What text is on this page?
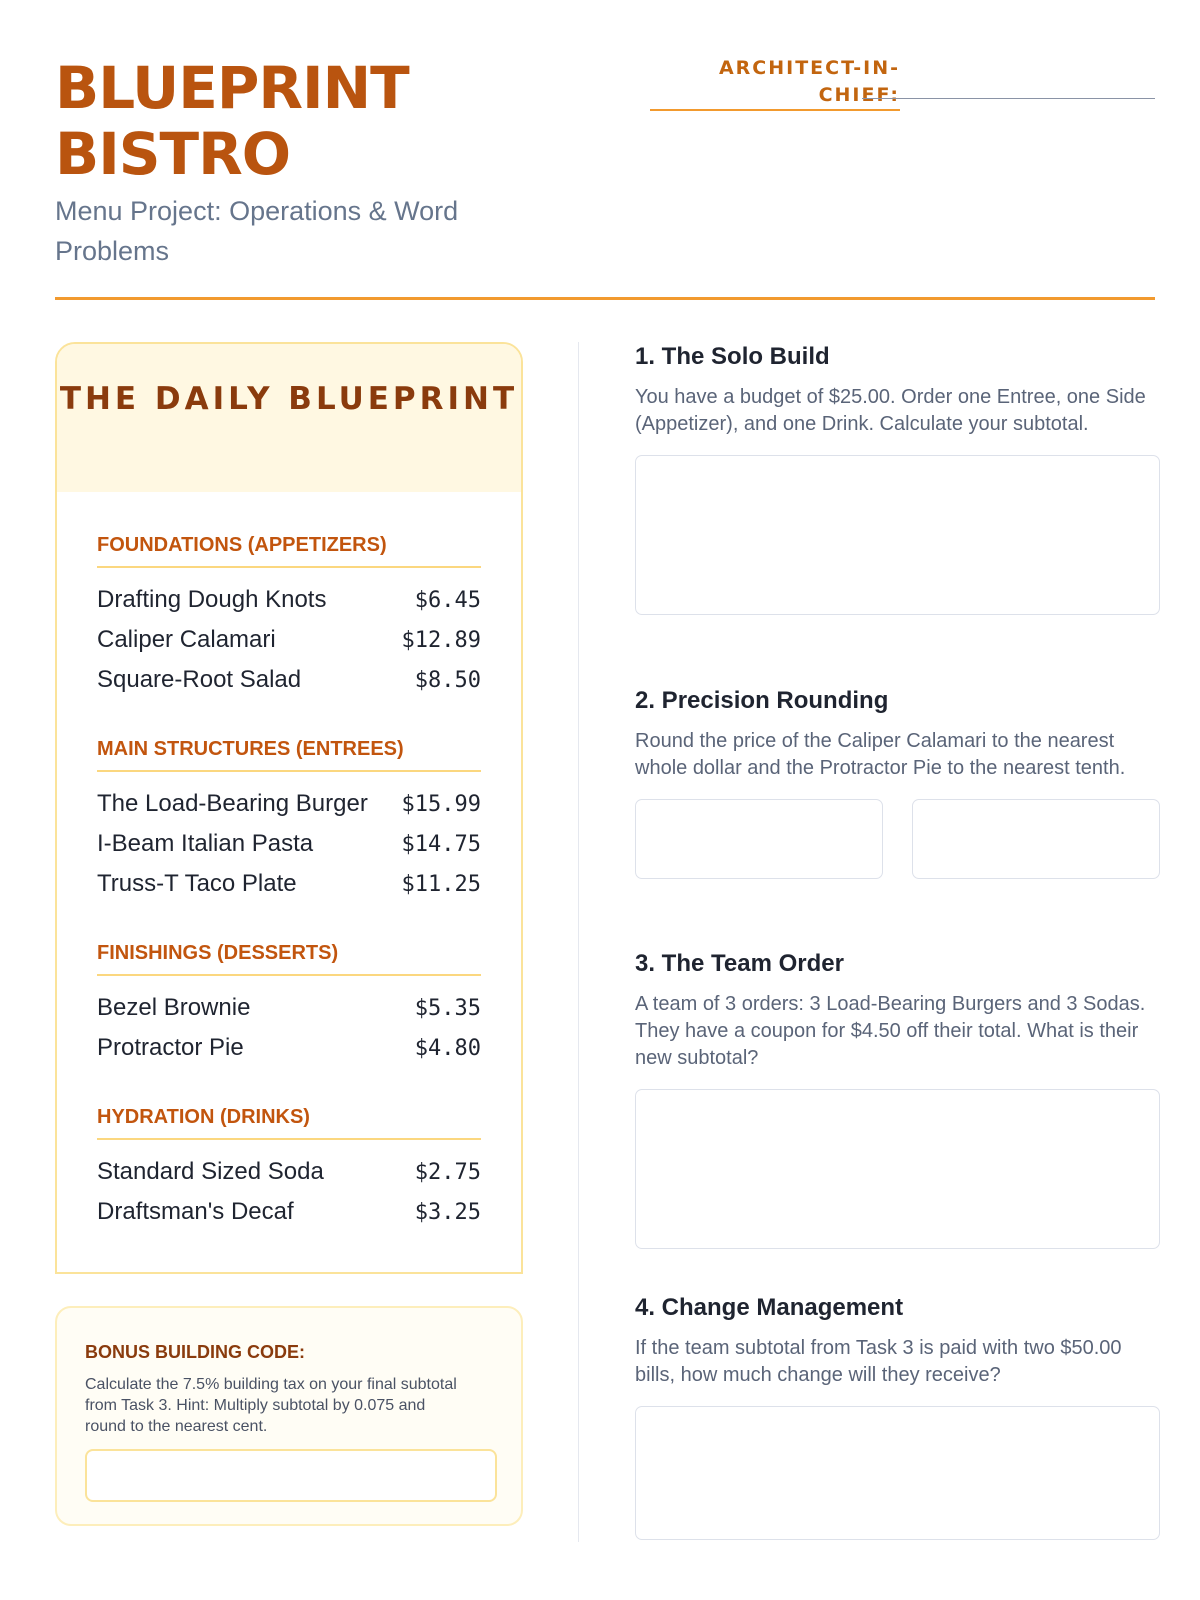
BLUEPRINT BISTRO
Menu Project: Operations & Word Problems
ARCHITECT-IN-CHIEF:
THE DAILY BLUEPRINT
FOUNDATIONS (APPETIZERS)
Drafting Dough Knots	$6.45
Caliper Calamari	$12.89
Square-Root Salad	$8.50
MAIN STRUCTURES (ENTREES)
The Load-Bearing Burger $15.99
I-Beam Italian Pasta	$14.75
Truss-T Taco Plate	$11.25
FINISHINGS (DESSERTS)
Bezel Brownie	$5.35
Protractor Pie	$4.80
HYDRATION (DRINKS)
Standard Sized Soda	$2.75
Draftsman's Decaf	$3.25
BONUS BUILDING CODE:
Calculate the 7.5% building tax on your final subtotal from Task 3. Hint: Multiply subtotal by 0.075 and round to the nearest cent.
1. The Solo Build
You have a budget of $25.00. Order one Entree, one Side (Appetizer), and one Drink. Calculate your subtotal.
2. Precision Rounding
Round the price of the Caliper Calamari to the nearest whole dollar and the Protractor Pie to the nearest tenth.
3. The Team Order
A team of 3 orders: 3 Load-Bearing Burgers and 3 Sodas. They have a coupon for $4.50 off their total. What is their new subtotal?
4. Change Management
If the team subtotal from Task 3 is paid with two $50.00 bills, how much change will they receive?
